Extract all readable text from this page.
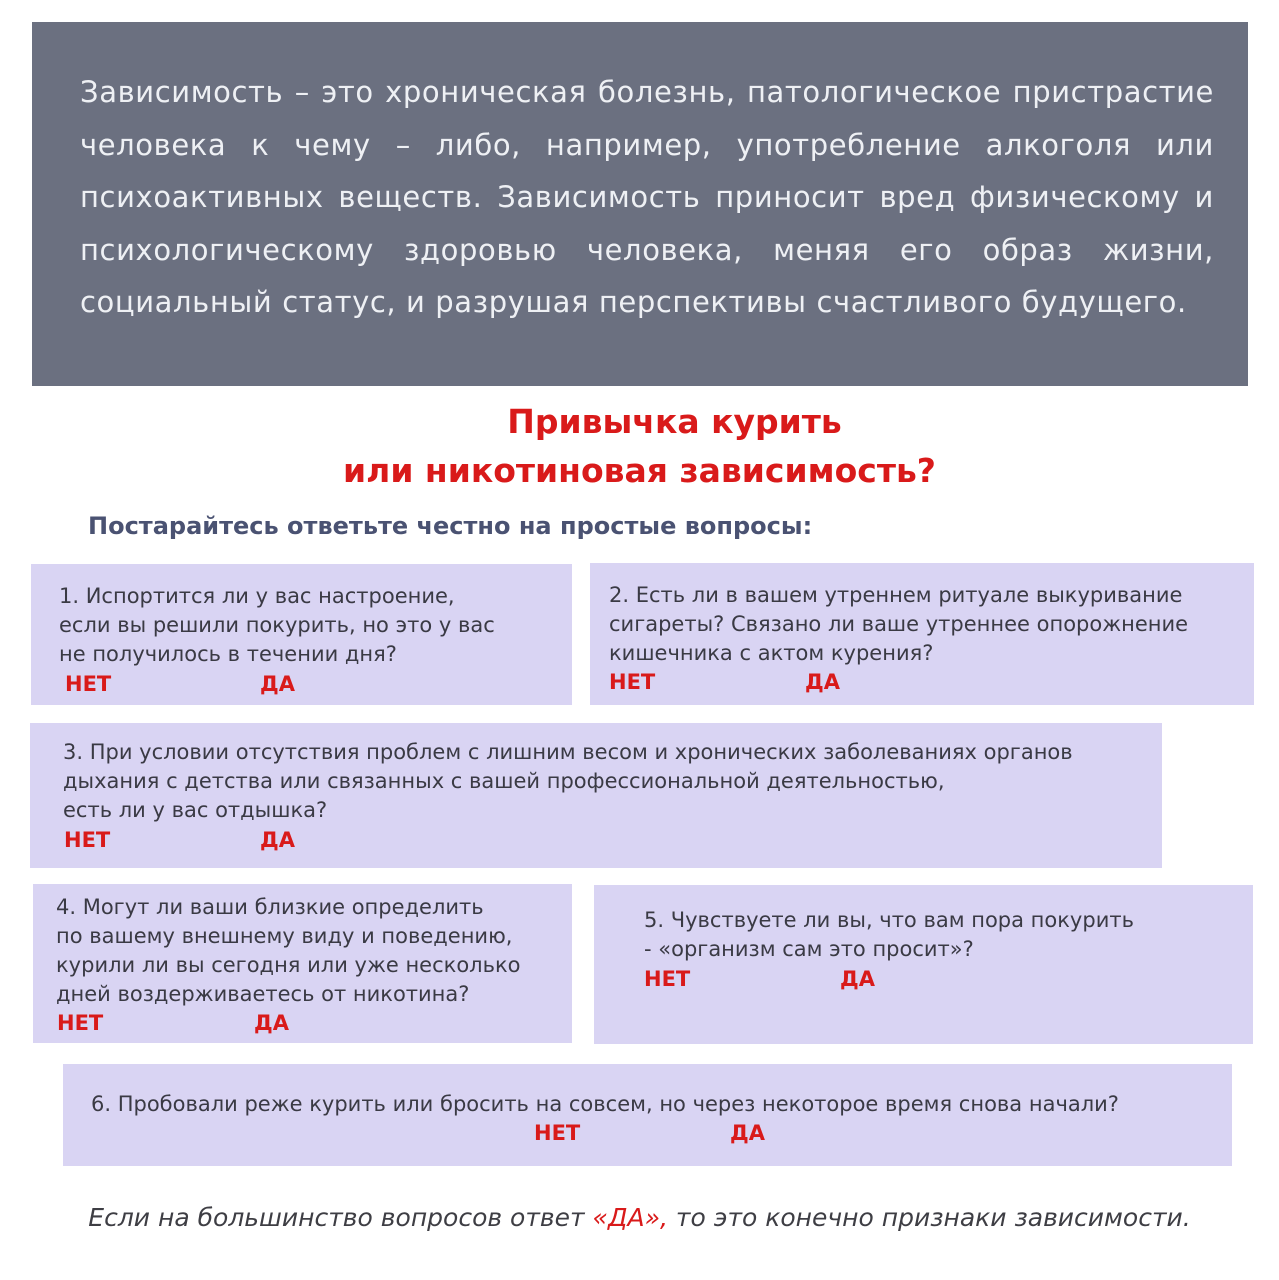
Зависимость – это хроническая болезнь, патологическое пристрастие человека к чему – либо, например, употребление алкоголя или психоактивных веществ. Зависимость приносит вред физическому и психологическому здоровью человека, меняя его образ жизни, социальный статус, и разрушая перспективы счастливого будущего.

Привычка курить
или никотиновая зависимость?
Постарайтесь ответьте честно на простые вопросы:
1. Испортится ли у вас настроение,
если вы решили покурить, но это у вас
не получилось в течении дня?
НЕТ	ДА
2. Есть ли в вашем утреннем ритуале выкуривание
сигареты? Связано ли ваше утреннее опорожнение
кишечника с актом курения?
НЕТ	ДА
3. При условии отсутствия проблем с лишним весом и хронических заболеваниях органов
дыхания с детства или связанных с вашей профессиональной деятельностью,
есть ли у вас отдышка?
НЕТ	ДА
4. Могут ли ваши близкие определить
по вашему внешнему виду и поведению,
курили ли вы сегодня или уже несколько
дней воздерживаетесь от никотина?
НЕТ	ДА
5. Чувствуете ли вы, что вам пора покурить
- «организм сам это просит»?
НЕТ	ДА
6. Пробовали реже курить или бросить на совсем, но через некоторое время снова начали?
НЕТ	ДА
Если на большинство вопросов ответ «ДА», то это конечно признаки зависимости.
